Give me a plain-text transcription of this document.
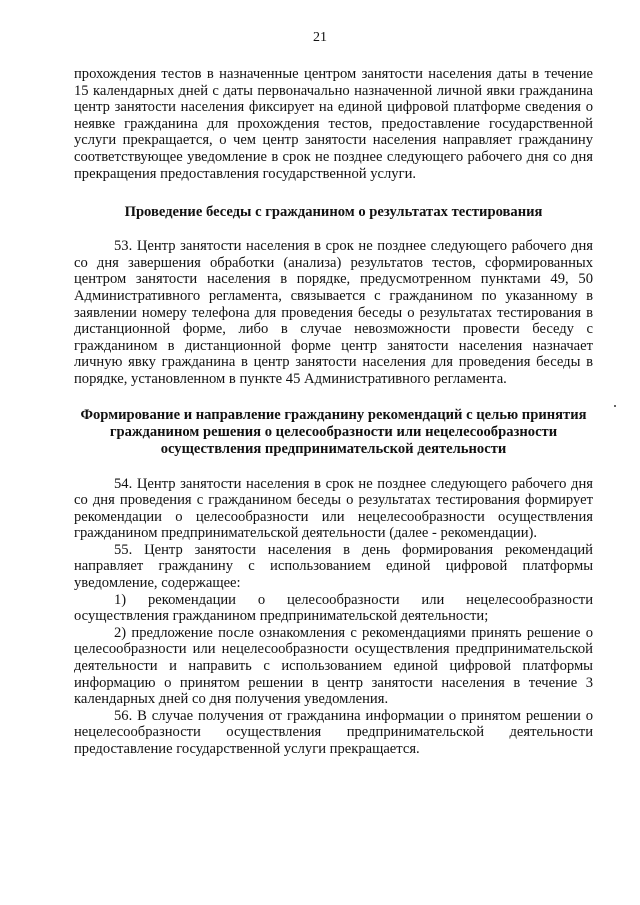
21

прохождения тестов в назначенные центром занятости населения даты в течение 15 календарных дней с даты первоначально назначенной личной явки гражданина центр занятости населения фиксирует на единой цифровой платформе сведения о неявке гражданина для прохождения тестов, предоставление государственной услуги прекращается, о чем центр занятости населения направляет гражданину соответствующее уведомление в срок не позднее следующего рабочего дня со дня прекращения предоставления государственной услуги.

Проведение беседы с гражданином о результатах тестирования

53. Центр занятости населения в срок не позднее следующего рабочего дня со дня завершения обработки (анализа) результатов тестов, сформированных центром занятости населения в порядке, предусмотренном пунктами 49, 50 Административного регламента, связывается с гражданином по указанному в заявлении номеру телефона для проведения беседы о результатах тестирования в дистанционной форме, либо в случае невозможности провести беседу с гражданином в дистанционной форме центр занятости населения назначает личную явку гражданина в центр занятости населения для проведения беседы в порядке, установленном в пункте 45 Административного регламента.

Формирование и направление гражданину рекомендаций с целью принятия гражданином решения о целесообразности или нецелесообразности осуществления предпринимательской деятельности

54. Центр занятости населения в срок не позднее следующего рабочего дня со дня проведения с гражданином беседы о результатах тестирования формирует рекомендации о целесообразности или нецелесообразности осуществления гражданином предпринимательской деятельности (далее - рекомендации).

55. Центр занятости населения в день формирования рекомендаций направляет гражданину с использованием единой цифровой платформы уведомление, содержащее:

1) рекомендации о целесообразности или нецелесообразности осуществления гражданином предпринимательской деятельности;

2) предложение после ознакомления с рекомендациями принять решение о целесообразности или нецелесообразности осуществления предпринимательской деятельности и направить с использованием единой цифровой платформы информацию о принятом решении в центр занятости населения в течение 3 календарных дней со дня получения уведомления.

56. В случае получения от гражданина информации о принятом решении о нецелесообразности осуществления предпринимательской деятельности предоставление государственной услуги прекращается.
